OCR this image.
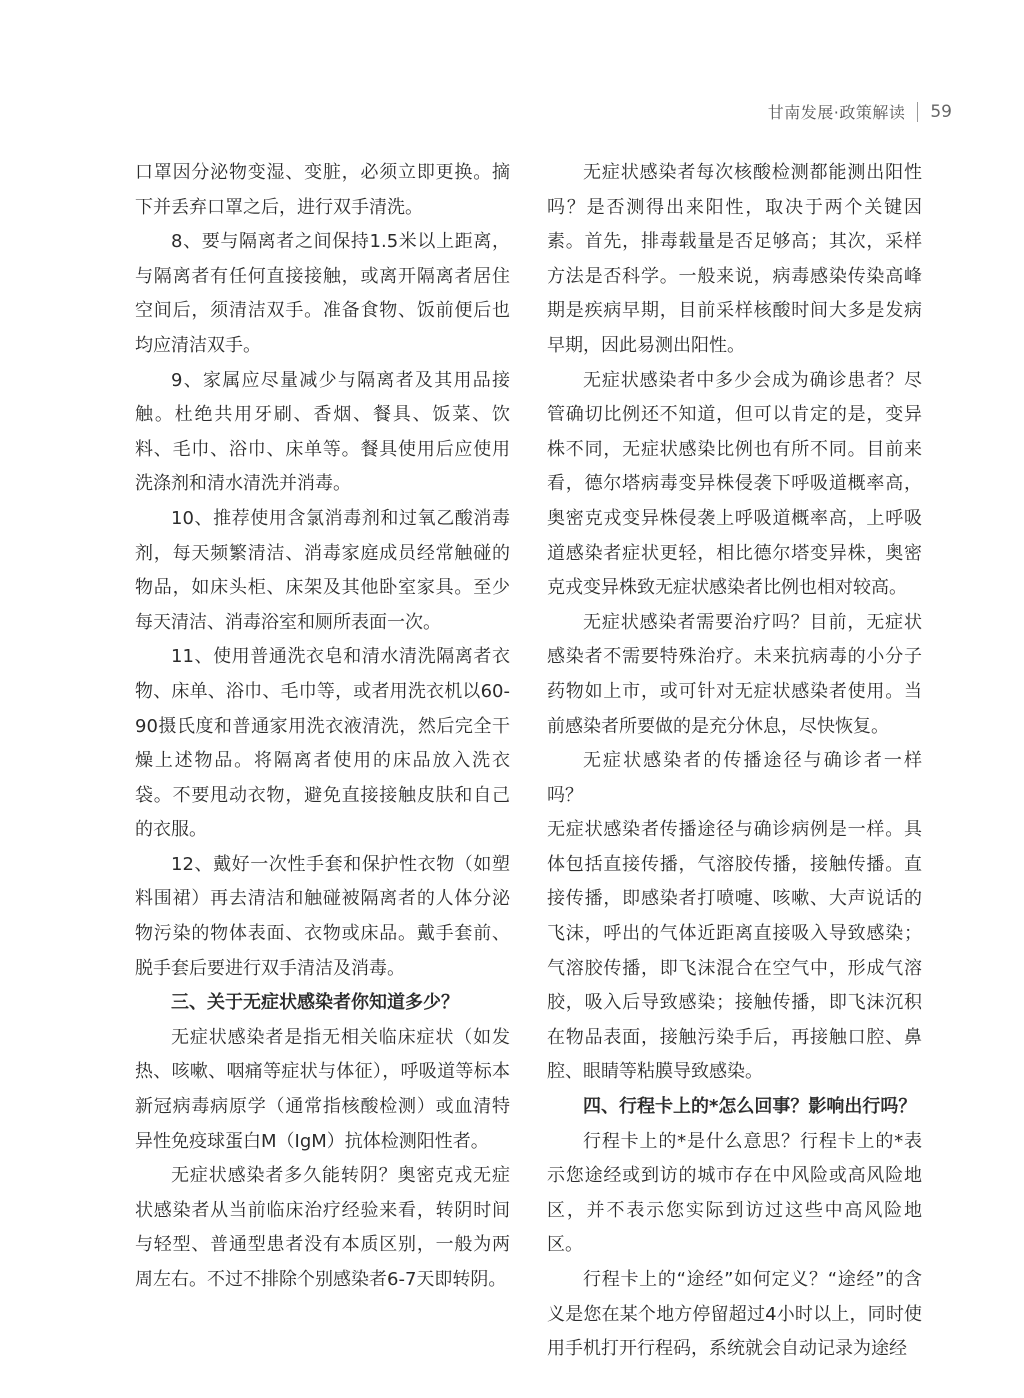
甘南发展·政策解读 59

口罩因分泌物变湿、变脏，必须立即更换。摘下并丢弃口罩之后，进行双手清洗。

8、要与隔离者之间保持1.5米以上距离，与隔离者有任何直接接触，或离开隔离者居住空间后，须清洁双手。准备食物、饭前便后也均应清洁双手。

9、家属应尽量减少与隔离者及其用品接触。杜绝共用牙刷、香烟、餐具、饭菜、饮料、毛巾、浴巾、床单等。餐具使用后应使用洗涤剂和清水清洗并消毒。

10、推荐使用含氯消毒剂和过氧乙酸消毒剂，每天频繁清洁、消毒家庭成员经常触碰的物品，如床头柜、床架及其他卧室家具。至少每天清洁、消毒浴室和厕所表面一次。

11、使用普通洗衣皂和清水清洗隔离者衣物、床单、浴巾、毛巾等，或者用洗衣机以60-90摄氏度和普通家用洗衣液清洗，然后完全干燥上述物品。将隔离者使用的床品放入洗衣袋。不要甩动衣物，避免直接接触皮肤和自己的衣服。

12、戴好一次性手套和保护性衣物（如塑料围裙）再去清洁和触碰被隔离者的人体分泌物污染的物体表面、衣物或床品。戴手套前、脱手套后要进行双手清洁及消毒。

三、关于无症状感染者你知道多少？

无症状感染者是指无相关临床症状（如发热、咳嗽、咽痛等症状与体征），呼吸道等标本新冠病毒病原学（通常指核酸检测）或血清特异性免疫球蛋白M（IgM）抗体检测阳性者。

无症状感染者多久能转阴？奥密克戎无症状感染者从当前临床治疗经验来看，转阴时间与轻型、普通型患者没有本质区别，一般为两周左右。不过不排除个别感染者6-7天即转阴。

无症状感染者每次核酸检测都能测出阳性吗？是否测得出来阳性，取决于两个关键因素。首先，排毒载量是否足够高；其次，采样方法是否科学。一般来说，病毒感染传染高峰期是疾病早期，目前采样核酸时间大多是发病早期，因此易测出阳性。

无症状感染者中多少会成为确诊患者？尽管确切比例还不知道，但可以肯定的是，变异株不同，无症状感染比例也有所不同。目前来看，德尔塔病毒变异株侵袭下呼吸道概率高，奥密克戎变异株侵袭上呼吸道概率高，上呼吸道感染者症状更轻，相比德尔塔变异株，奥密克戎变异株致无症状感染者比例也相对较高。

无症状感染者需要治疗吗？目前，无症状感染者不需要特殊治疗。未来抗病毒的小分子药物如上市，或可针对无症状感染者使用。当前感染者所要做的是充分休息，尽快恢复。

无症状感染者的传播途径与确诊者一样吗？

无症状感染者传播途径与确诊病例是一样。具体包括直接传播，气溶胶传播，接触传播。直接传播，即感染者打喷嚏、咳嗽、大声说话的飞沫，呼出的气体近距离直接吸入导致感染；气溶胶传播，即飞沫混合在空气中，形成气溶胶，吸入后导致感染；接触传播，即飞沫沉积在物品表面，接触污染手后，再接触口腔、鼻腔、眼睛等粘膜导致感染。

四、行程卡上的*怎么回事？影响出行吗？

行程卡上的*是什么意思？行程卡上的*表示您途经或到访的城市存在中风险或高风险地区，并不表示您实际到访过这些中高风险地区。

行程卡上的“途经”如何定义？“途经”的含义是您在某个地方停留超过4小时以上，同时使用手机打开行程码，系统就会自动记录为途经
